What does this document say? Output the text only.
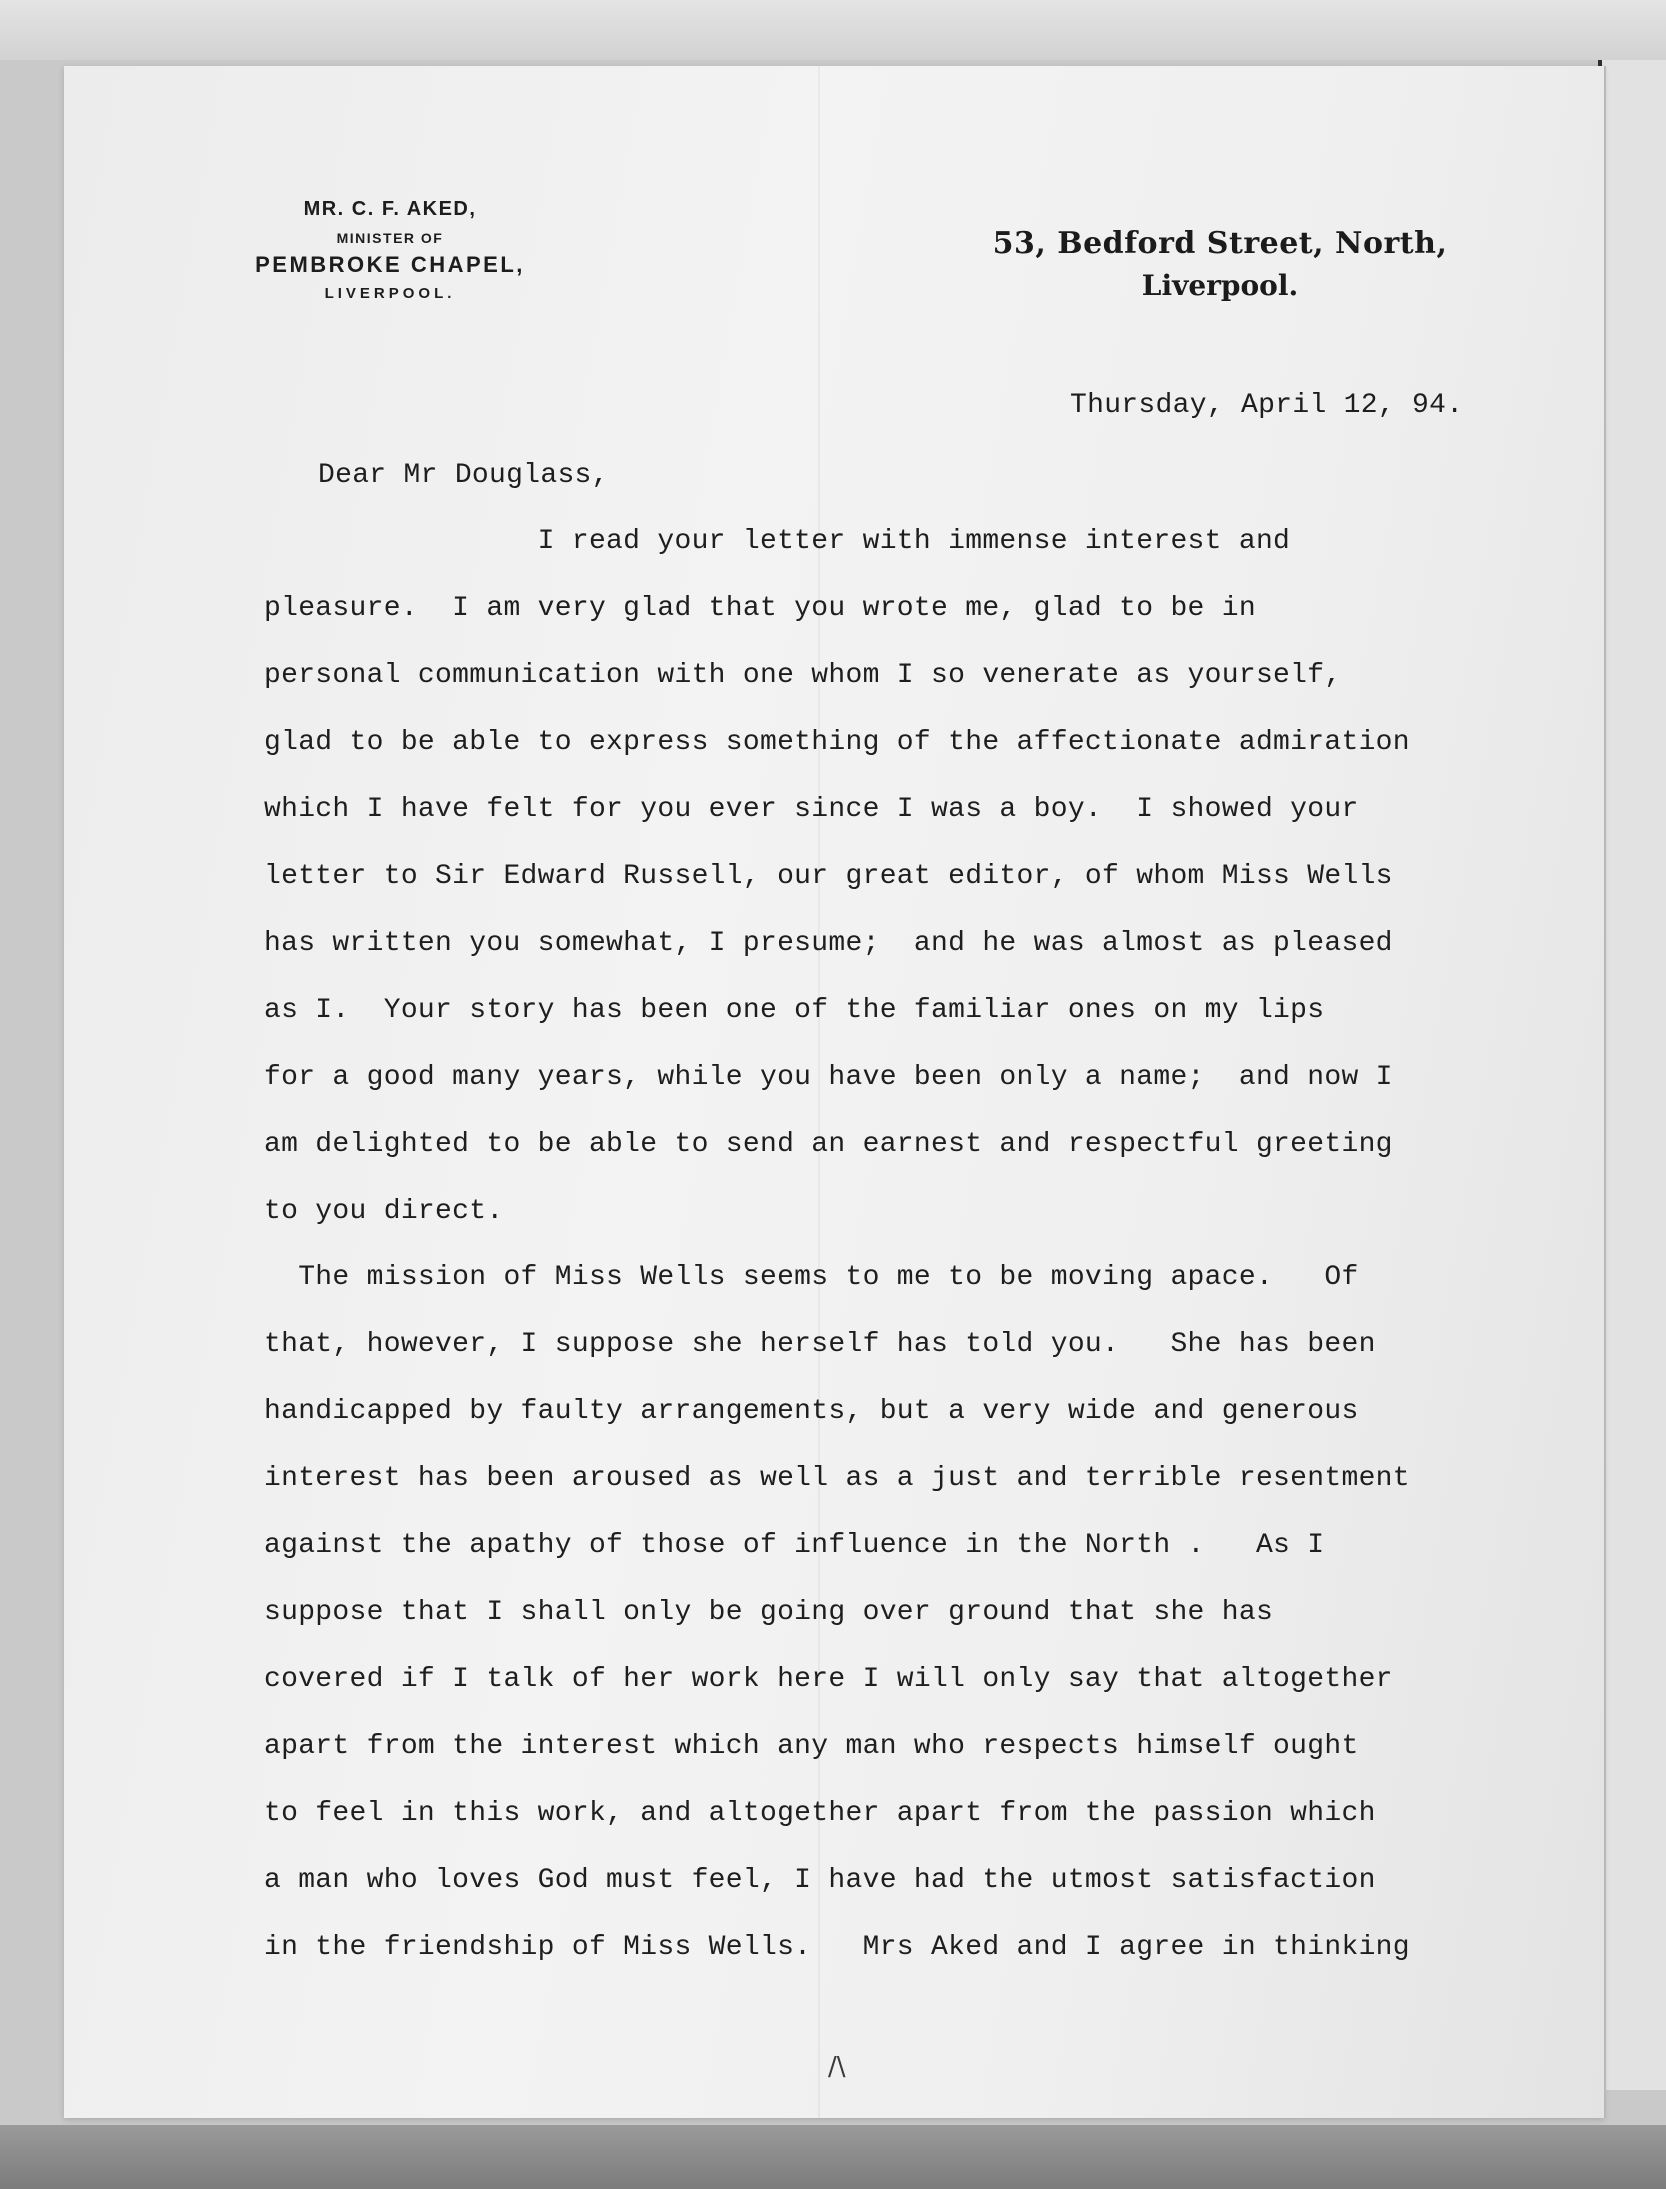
MR. C. F. AKED,
MINISTER OF
PEMBROKE CHAPEL,
LIVERPOOL.
53, Bedford Street, North,
Liverpool.
Thursday, April 12, 94.
Dear Mr Douglass,
I read your letter with immense interest and
pleasure.  I am very glad that you wrote me, glad to be in
personal communication with one whom I so venerate as yourself,
glad to be able to express something of the affectionate admiration
which I have felt for you ever since I was a boy.  I showed your
letter to Sir Edward Russell, our great editor, of whom Miss Wells
has written you somewhat, I presume;  and he was almost as pleased
as I.  Your story has been one of the familiar ones on my lips
for a good many years, while you have been only a name;  and now I
am delighted to be able to send an earnest and respectful greeting
to you direct.
The mission of Miss Wells seems to me to be moving apace.   Of
that, however, I suppose she herself has told you.   She has been
handicapped by faulty arrangements, but a very wide and generous
interest has been aroused as well as a just and terrible resentment
against the apathy of those of influence in the North .   As I
suppose that I shall only be going over ground that she has
covered if I talk of her work here I will only say that altogether
apart from the interest which any man who respects himself ought
to feel in this work, and altogether apart from the passion which
a man who loves God must feel, I have had the utmost satisfaction
in the friendship of Miss Wells.   Mrs Aked and I agree in thinking
/\
